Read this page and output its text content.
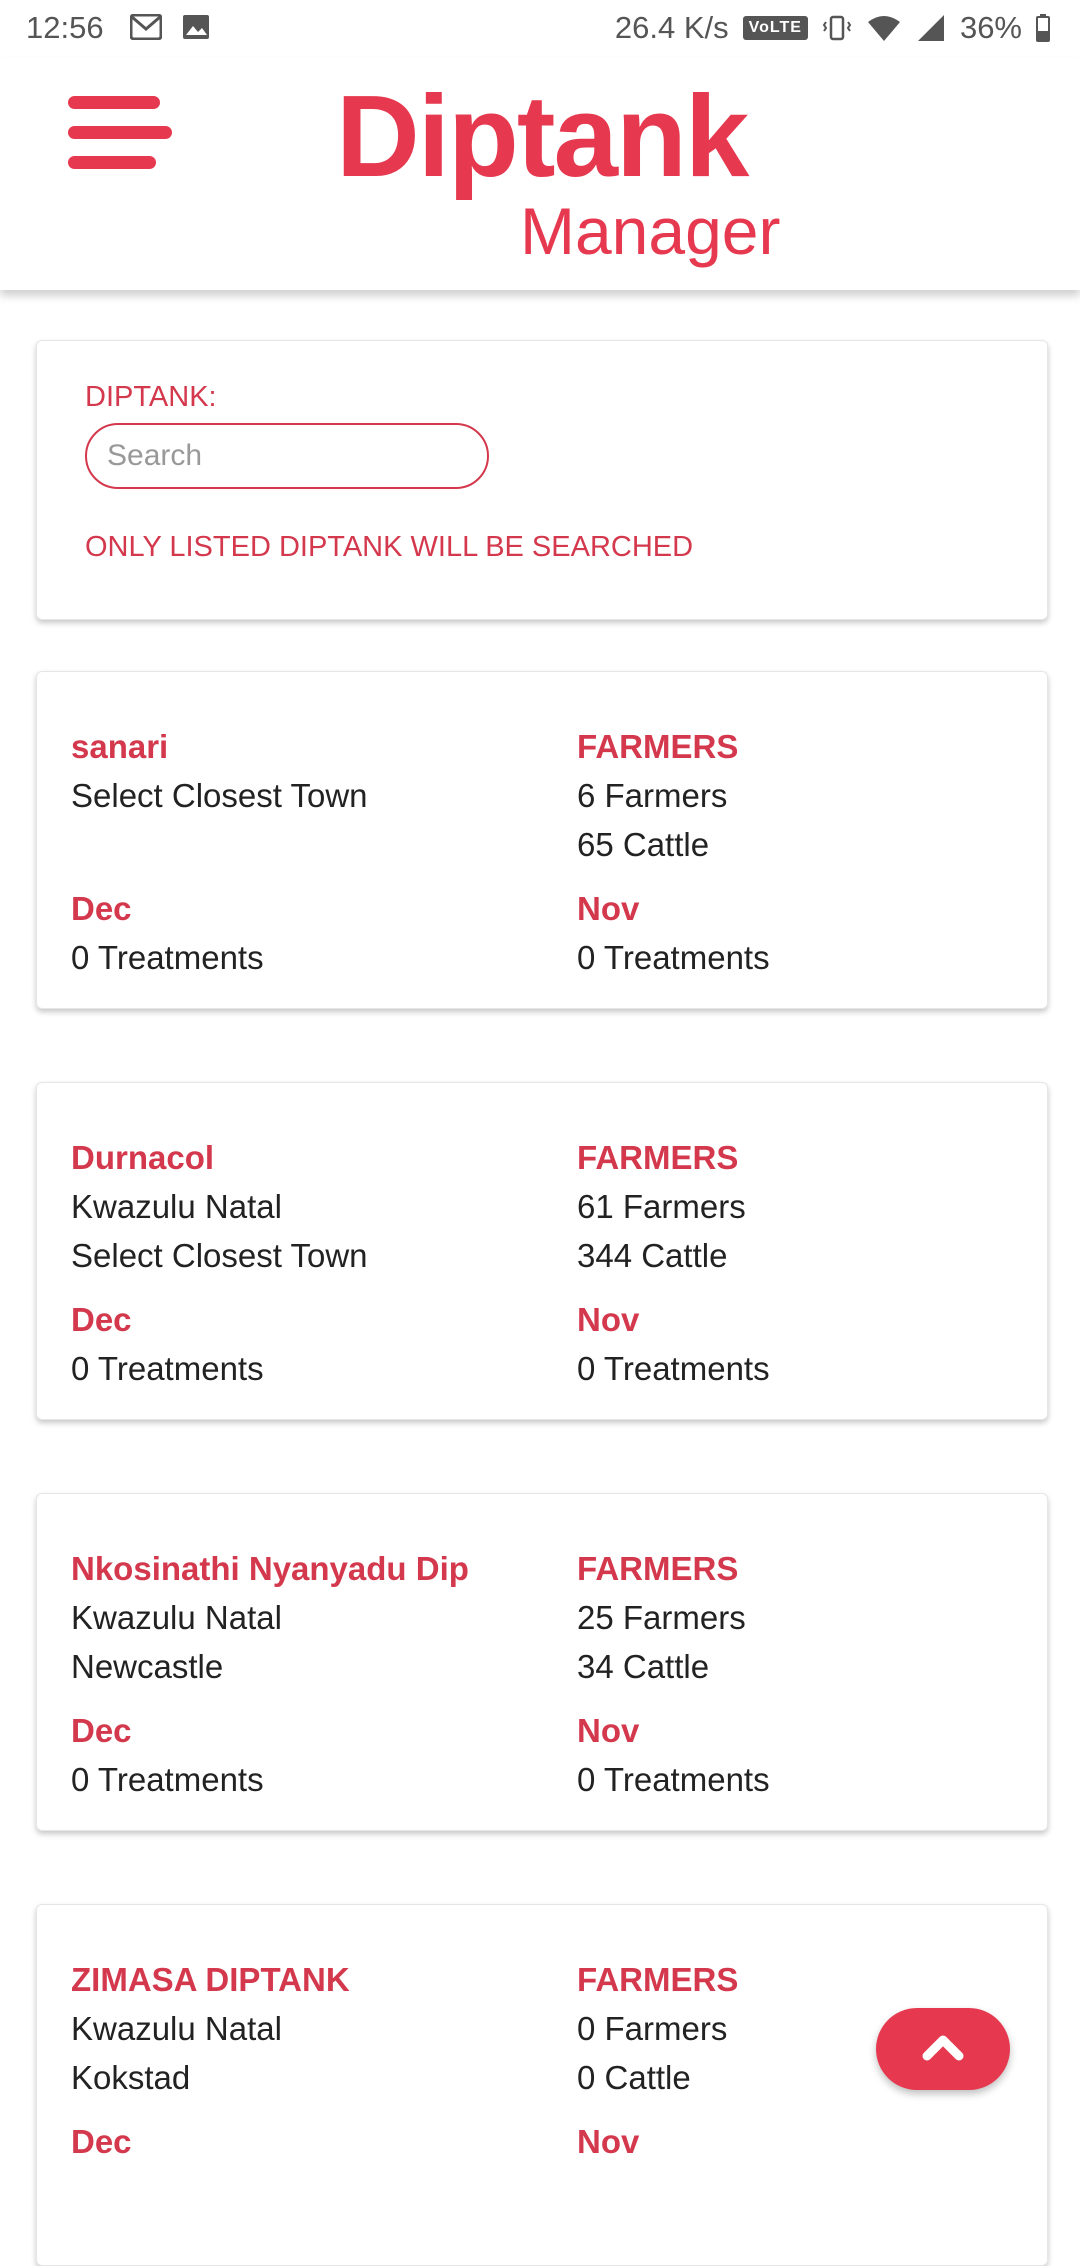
12:56	26.4 K/s	VoLTE	36%
Diptank
Manager
DIPTANK:
Search
ONLY LISTED DIPTANK WILL BE SEARCHED
sanari
Select Closest Town
FARMERS
6 Farmers
65 Cattle
Dec
0 Treatments
Nov
0 Treatments
Durnacol
Kwazulu Natal
Select Closest Town
FARMERS
61 Farmers
344 Cattle
Dec
0 Treatments
Nov
0 Treatments
Nkosinathi Nyanyadu Dip
Kwazulu Natal
Newcastle
FARMERS
25 Farmers
34 Cattle
Dec
0 Treatments
Nov
0 Treatments
ZIMASA DIPTANK
Kwazulu Natal
Kokstad
FARMERS
0 Farmers
0 Cattle
Dec	Nov
